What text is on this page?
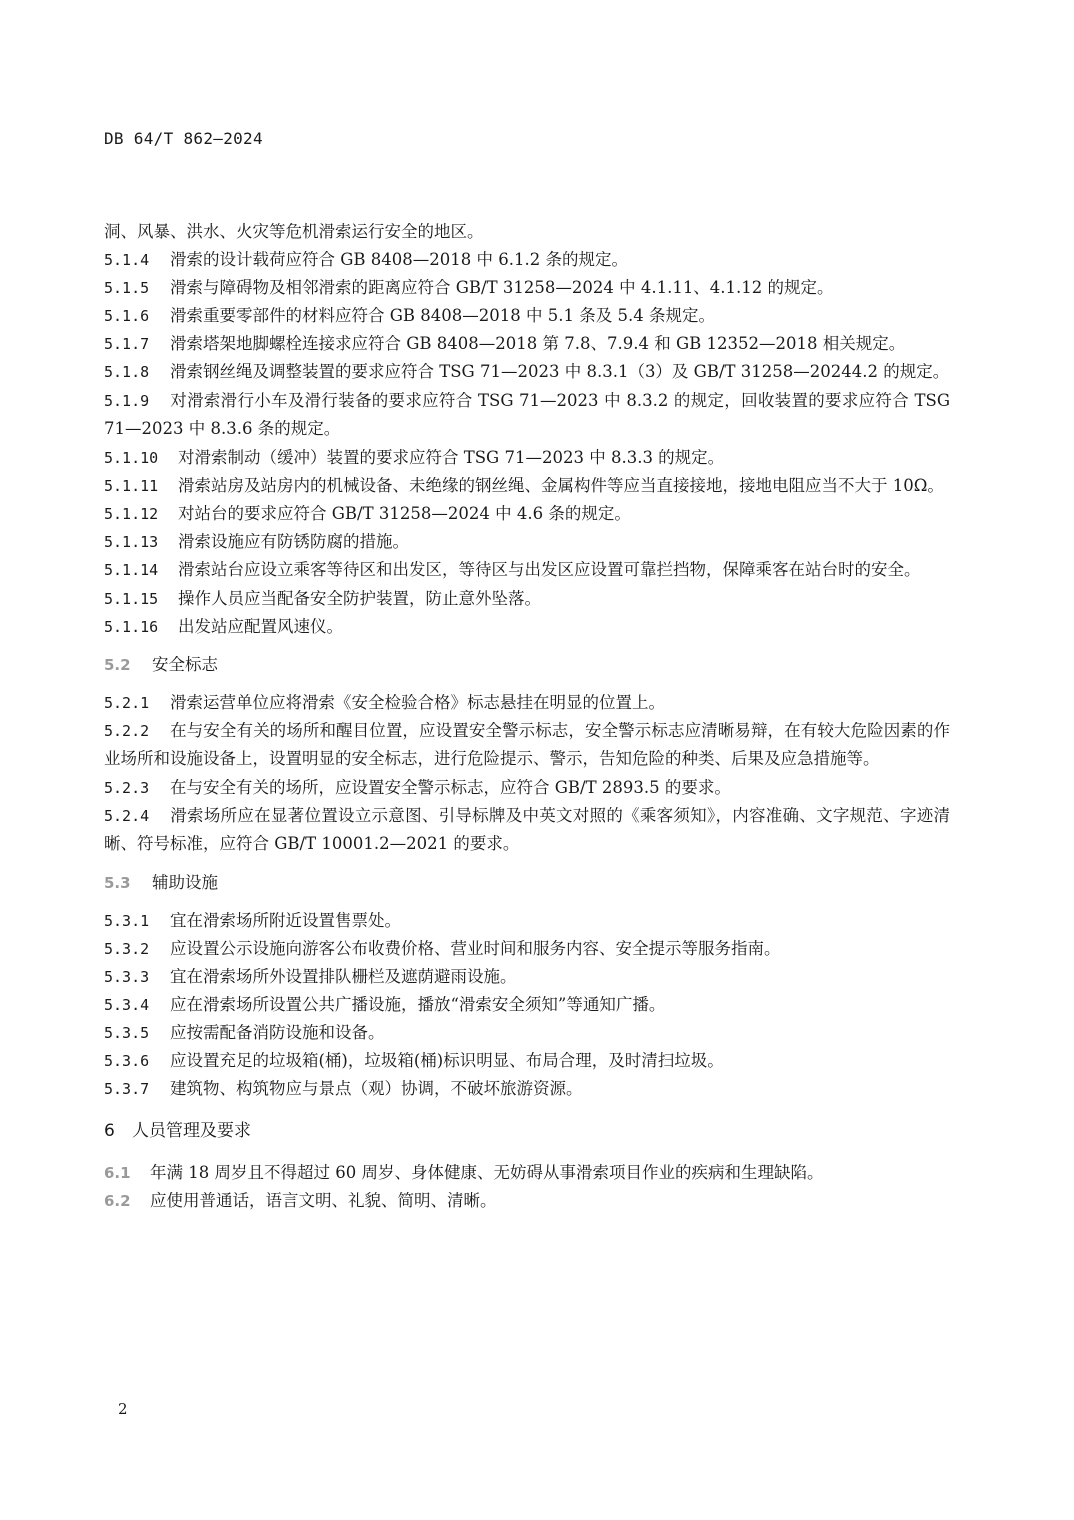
DB 64/T 862—2024
洞、风暴、洪水、火灾等危机滑索运行安全的地区。
5.1.4 滑索的设计载荷应符合 GB 8408—2018 中 6.1.2 条的规定。
5.1.5 滑索与障碍物及相邻滑索的距离应符合 GB/T 31258—2024 中 4.1.11、4.1.12 的规定。
5.1.6 滑索重要零部件的材料应符合 GB 8408—2018 中 5.1 条及 5.4 条规定。
5.1.7 滑索塔架地脚螺栓连接求应符合 GB 8408—2018 第 7.8、7.9.4 和 GB 12352—2018 相关规定。
5.1.8 滑索钢丝绳及调整装置的要求应符合 TSG 71—2023 中 8.3.1（3）及 GB/T 31258—20244.2 的规定。
5.1.9 对滑索滑行小车及滑行装备的要求应符合 TSG 71—2023 中 8.3.2 的规定，回收装置的要求应符合 TSG 71—2023 中 8.3.6 条的规定。
5.1.10 对滑索制动（缓冲）装置的要求应符合 TSG 71—2023 中 8.3.3 的规定。
5.1.11 滑索站房及站房内的机械设备、未绝缘的钢丝绳、金属构件等应当直接接地，接地电阻应当不大于 10Ω。
5.1.12 对站台的要求应符合 GB/T 31258—2024 中 4.6 条的规定。
5.1.13 滑索设施应有防锈防腐的措施。
5.1.14 滑索站台应设立乘客等待区和出发区，等待区与出发区应设置可靠拦挡物，保障乘客在站台时的安全。
5.1.15 操作人员应当配备安全防护装置，防止意外坠落。
5.1.16 出发站应配置风速仪。
5.2 安全标志
5.2.1 滑索运营单位应将滑索《安全检验合格》标志悬挂在明显的位置上。
5.2.2 在与安全有关的场所和醒目位置，应设置安全警示标志，安全警示标志应清晰易辩，在有较大危险因素的作业场所和设施设备上，设置明显的安全标志，进行危险提示、警示，告知危险的种类、后果及应急措施等。
5.2.3 在与安全有关的场所，应设置安全警示标志，应符合 GB/T 2893.5 的要求。
5.2.4 滑索场所应在显著位置设立示意图、引导标牌及中英文对照的《乘客须知》，内容准确、文字规范、字迹清晰、符号标准，应符合 GB/T 10001.2—2021 的要求。
5.3 辅助设施
5.3.1 宜在滑索场所附近设置售票处。
5.3.2 应设置公示设施向游客公布收费价格、营业时间和服务内容、安全提示等服务指南。
5.3.3 宜在滑索场所外设置排队栅栏及遮荫避雨设施。
5.3.4 应在滑索场所设置公共广播设施，播放“滑索安全须知”等通知广播。
5.3.5 应按需配备消防设施和设备。
5.3.6 应设置充足的垃圾箱(桶)，垃圾箱(桶)标识明显、布局合理，及时清扫垃圾。
5.3.7 建筑物、构筑物应与景点（观）协调，不破坏旅游资源。
6 人员管理及要求
6.1 年满 18 周岁且不得超过 60 周岁、身体健康、无妨碍从事滑索项目作业的疾病和生理缺陷。
6.2 应使用普通话，语言文明、礼貌、简明、清晰。
2
